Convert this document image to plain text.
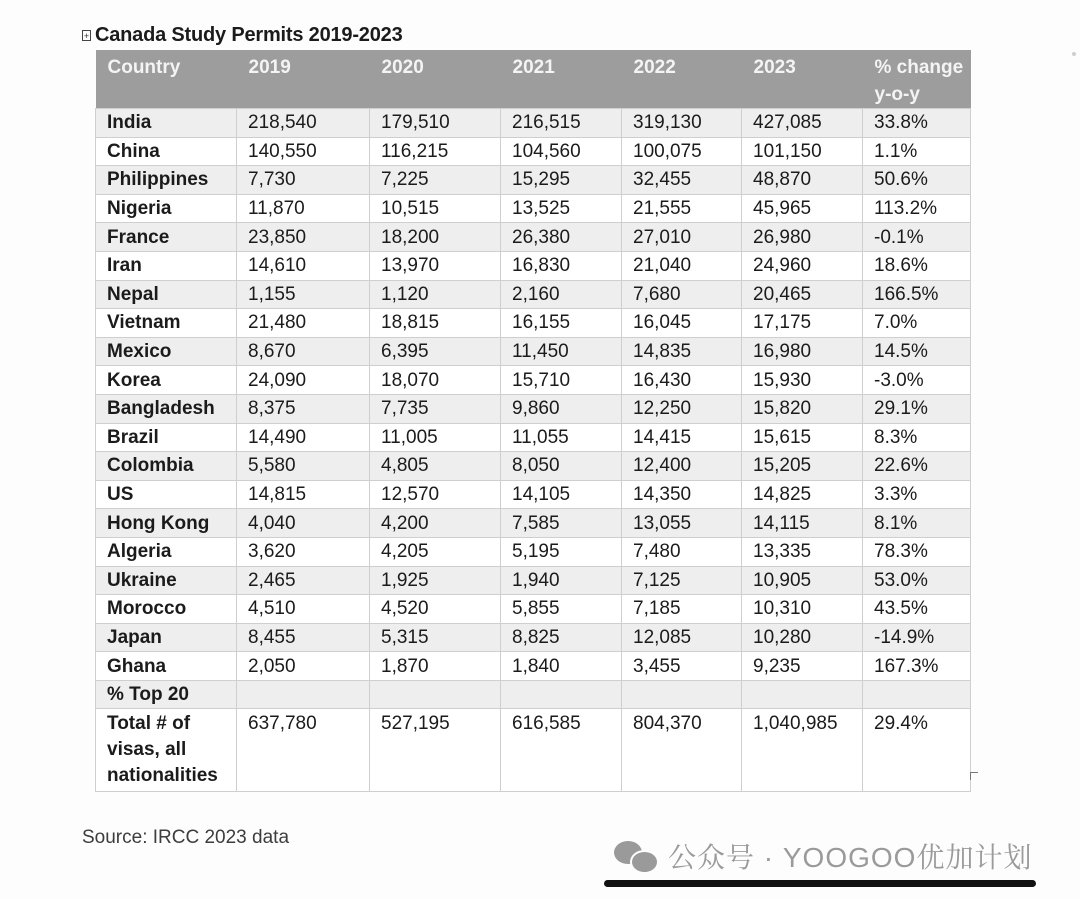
+ Canada Study Permits 2019-2023
Country	2019	2020	2021	2022	2023	% change y-o-y
India	218,540	179,510	216,515	319,130	427,085	33.8%
China	140,550	116,215	104,560	100,075	101,150	1.1%
Philippines	7,730	7,225	15,295	32,455	48,870	50.6%
Nigeria	11,870	10,515	13,525	21,555	45,965	113.2%
France	23,850	18,200	26,380	27,010	26,980	-0.1%
Iran	14,610	13,970	16,830	21,040	24,960	18.6%
Nepal	1,155	1,120	2,160	7,680	20,465	166.5%
Vietnam	21,480	18,815	16,155	16,045	17,175	7.0%
Mexico	8,670	6,395	11,450	14,835	16,980	14.5%
Korea	24,090	18,070	15,710	16,430	15,930	-3.0%
Bangladesh	8,375	7,735	9,860	12,250	15,820	29.1%
Brazil	14,490	11,005	11,055	14,415	15,615	8.3%
Colombia	5,580	4,805	8,050	12,400	15,205	22.6%
US	14,815	12,570	14,105	14,350	14,825	3.3%
Hong Kong	4,040	4,200	7,585	13,055	14,115	8.1%
Algeria	3,620	4,205	5,195	7,480	13,335	78.3%
Ukraine	2,465	1,925	1,940	7,125	10,905	53.0%
Morocco	4,510	4,520	5,855	7,185	10,310	43.5%
Japan	8,455	5,315	8,825	12,085	10,280	-14.9%
Ghana	2,050	1,870	1,840	3,455	9,235	167.3%
% Top 20						
Total # of visas, all nationalities	637,780	527,195	616,585	804,370	1,040,985	29.4%
Source: IRCC 2023 data
公众号 · YOOGOO优加计划
